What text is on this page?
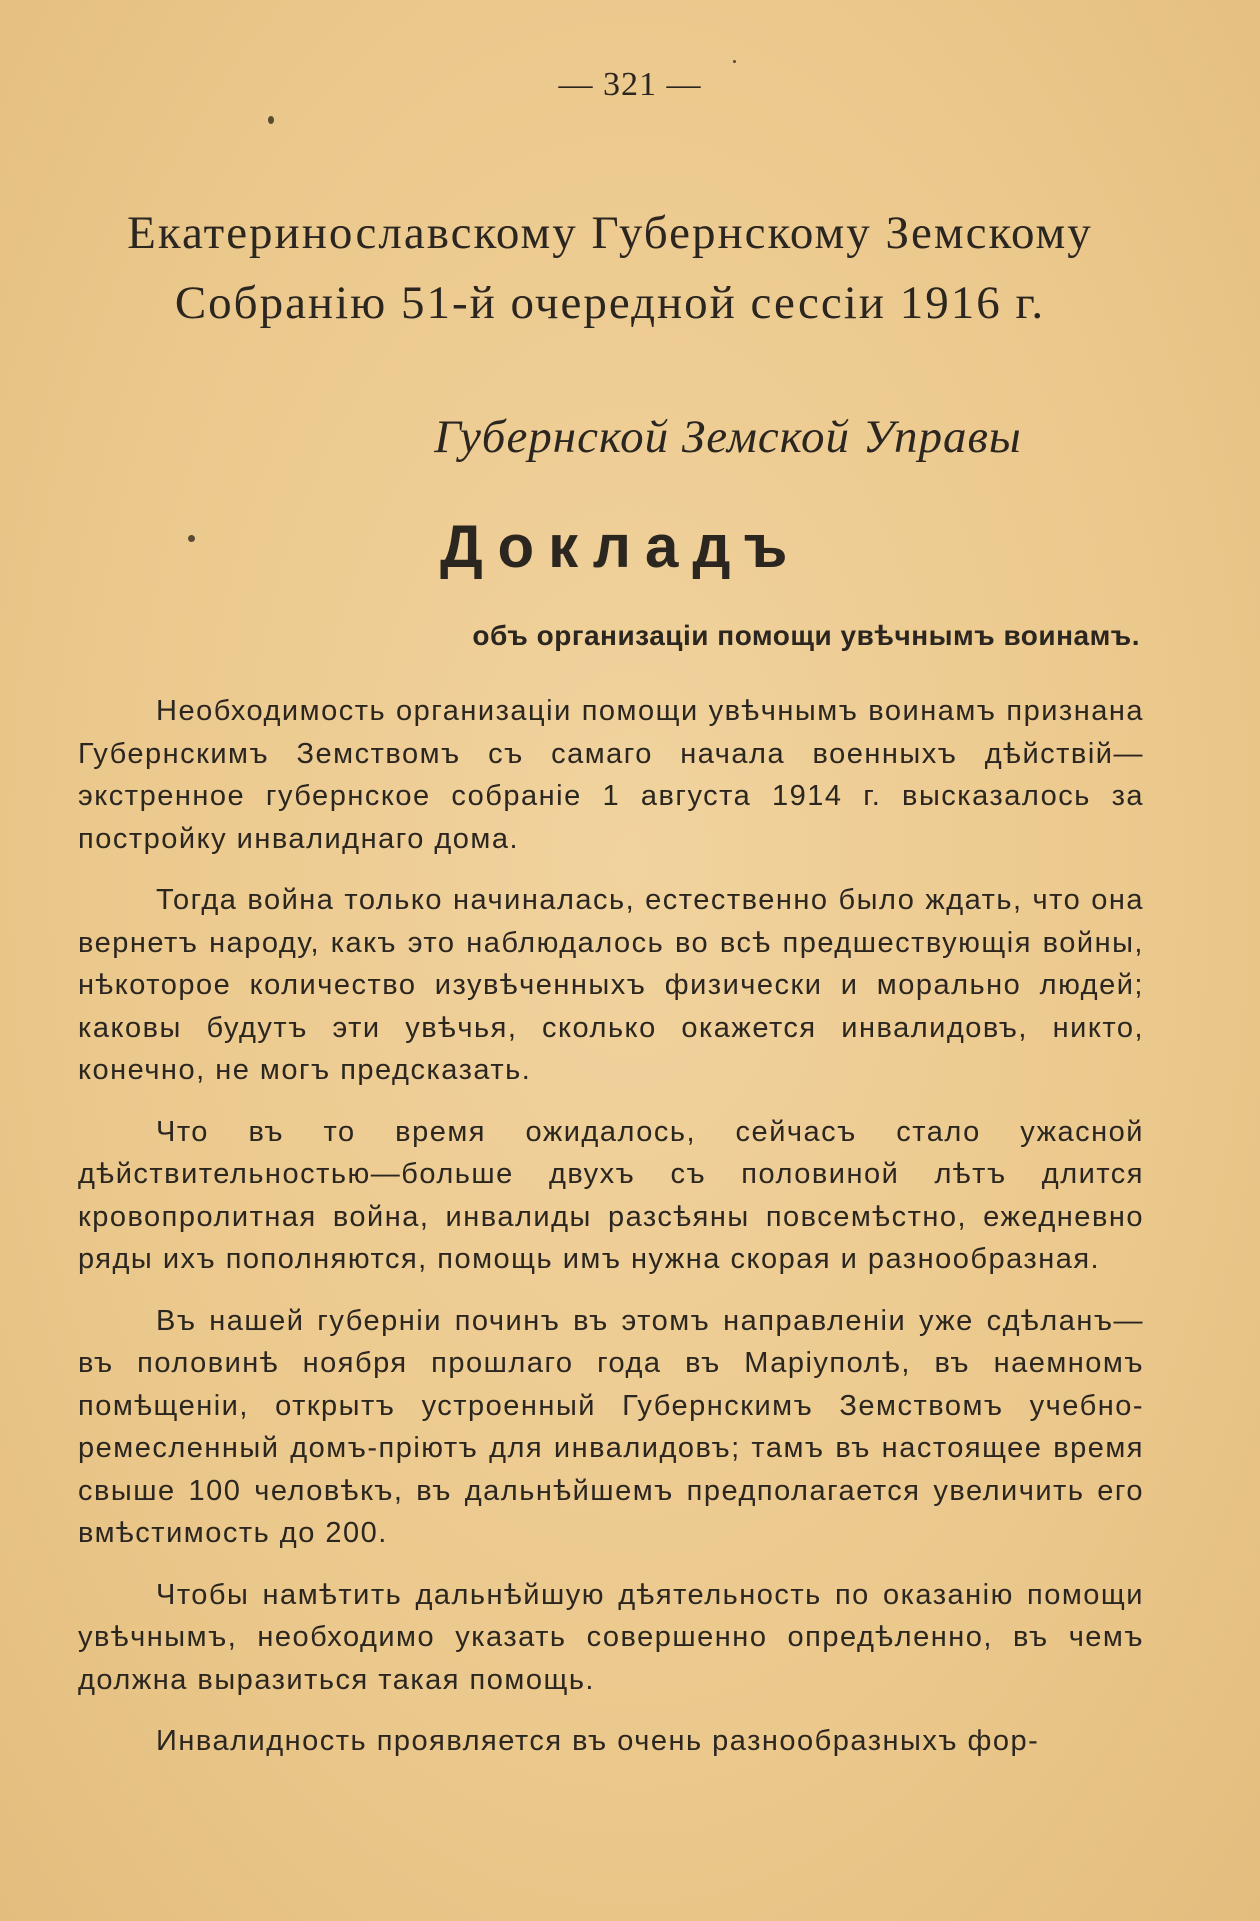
— 321 —
Екатеринославскому Губернскому Земскому
Собранію 51-й очередной сессіи 1916 г.
Губернской Земской Управы
Докладъ
объ организаціи помощи увѣчнымъ воинамъ.

Необходимость организаціи помощи увѣчнымъ воинамъ признана Губернскимъ Земствомъ съ самаго начала военныхъ дѣйствій—экстренное губернское собраніе 1 августа 1914 г. высказалось за постройку инвалиднаго дома.

Тогда война только начиналась, естественно было ждать, что она вернетъ народу, какъ это наблюдалось во всѣ предшествующія войны, нѣкоторое количество изувѣченныхъ физически и морально людей; каковы будутъ эти увѣчья, сколько окажется инвалидовъ, никто, конечно, не могъ предсказать.

Что въ то время ожидалось, сейчасъ стало ужасной дѣйствительностью—больше двухъ съ половиной лѣтъ длится кровопролитная война, инвалиды разсѣяны повсемѣстно, ежедневно ряды ихъ пополняются, помощь имъ нужна скорая и разнообразная.

Въ нашей губерніи починъ въ этомъ направленіи уже сдѣланъ—въ половинѣ ноября прошлаго года въ Маріуполѣ, въ наемномъ помѣщеніи, открытъ устроенный Губернскимъ Земствомъ учебно-ремесленный домъ-пріютъ для инвалидовъ; тамъ въ настоящее время свыше 100 человѣкъ, въ дальнѣйшемъ предполагается увеличить его вмѣстимость до 200.

Чтобы намѣтить дальнѣйшую дѣятельность по оказанію помощи увѣчнымъ, необходимо указать совершенно опредѣленно, въ чемъ должна выразиться такая помощь.

Инвалидность проявляется въ очень разнообразныхъ фор-
